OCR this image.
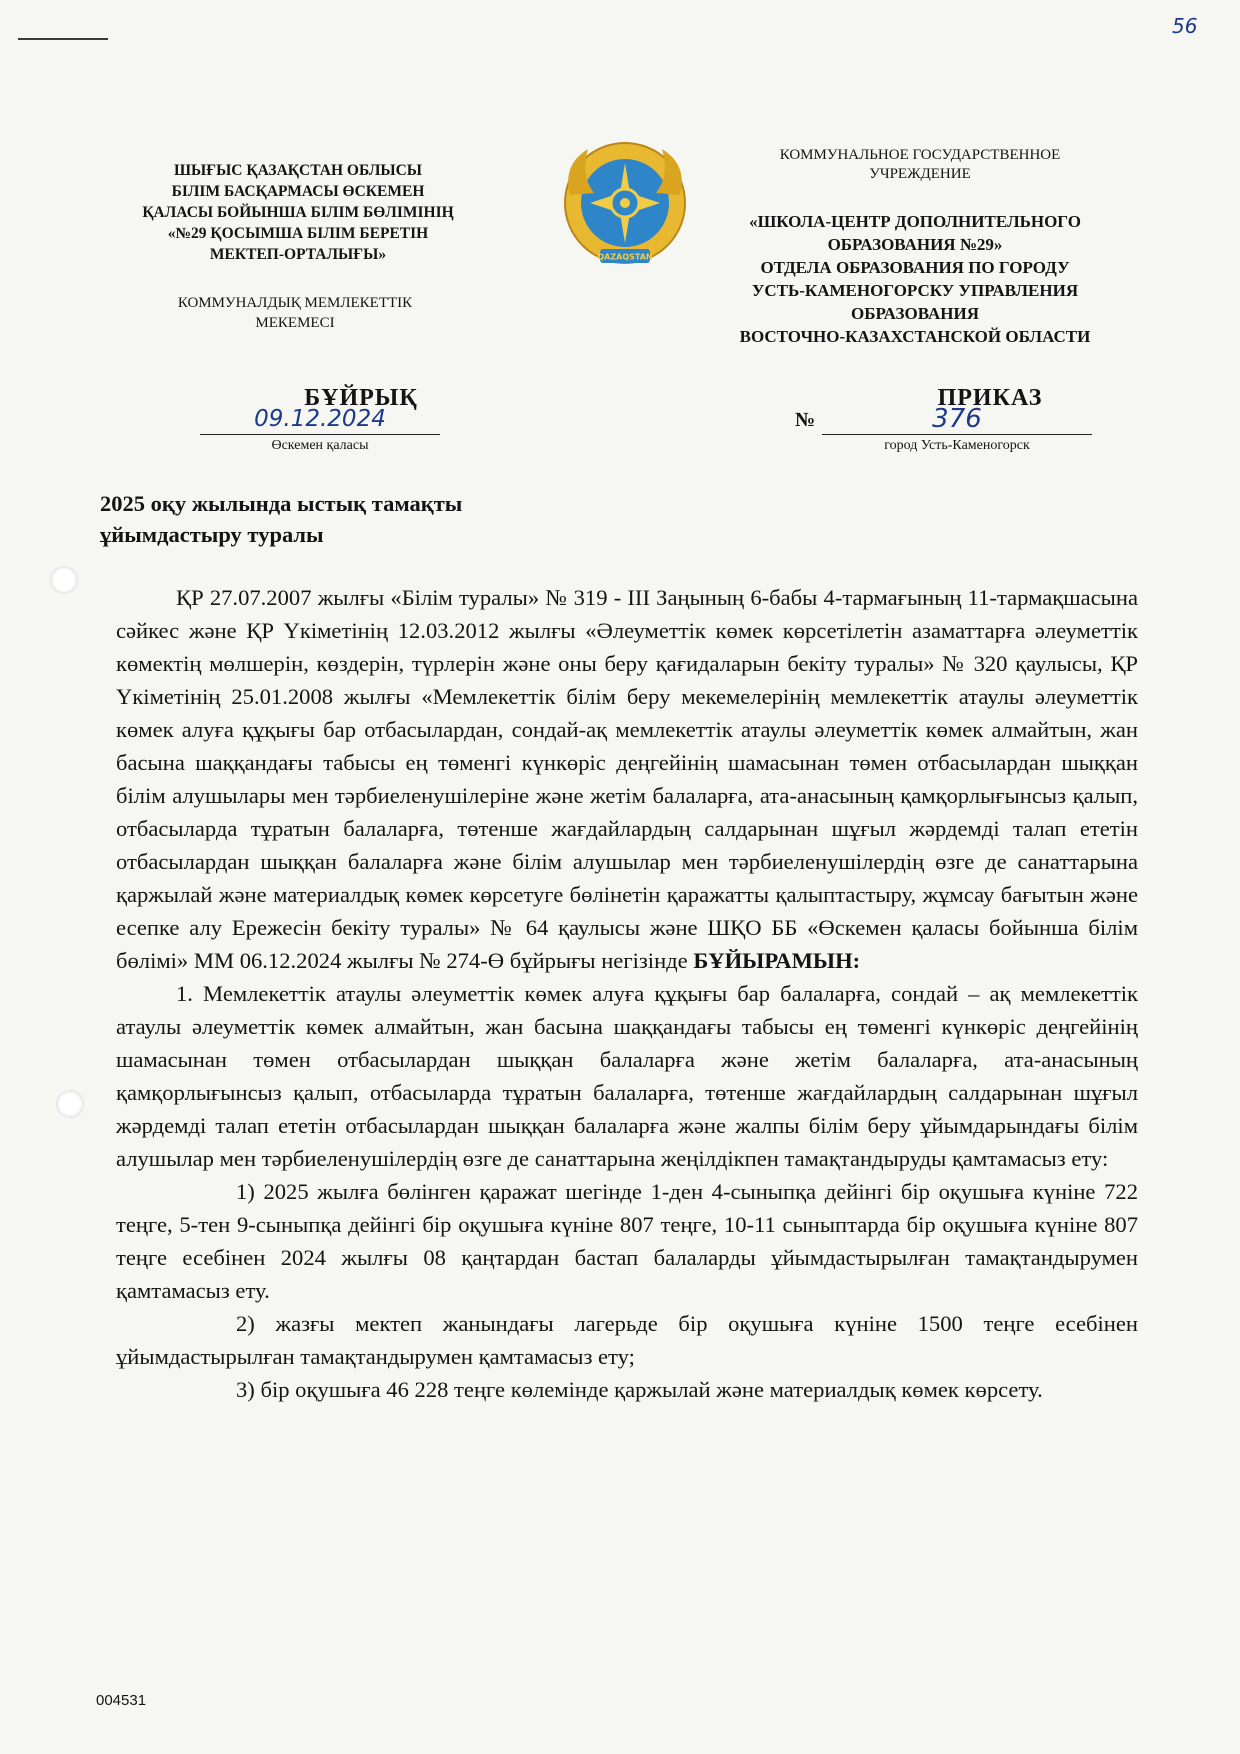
56
ШЫҒЫС ҚАЗАҚСТАН ОБЛЫСЫ
БІЛІМ БАСҚАРМАСЫ ӨСКЕМЕН
ҚАЛАСЫ БОЙЫНША БІЛІМ БӨЛІМІНІҢ
«№29 ҚОСЫМША БІЛІМ БЕРЕТІН
МЕКТЕП-ОРТАЛЫҒЫ»
КОММУНАЛДЫҚ МЕМЛЕКЕТТІК
МЕКЕМЕСІ
QAZAQSTAN
КОММУНАЛЬНОЕ ГОСУДАРСТВЕННОЕ
УЧРЕЖДЕНИЕ
«ШКОЛА-ЦЕНТР ДОПОЛНИТЕЛЬНОГО
ОБРАЗОВАНИЯ №29»
ОТДЕЛА ОБРАЗОВАНИЯ ПО ГОРОДУ
УСТЬ-КАМЕНОГОРСКУ УПРАВЛЕНИЯ
ОБРАЗОВАНИЯ
ВОСТОЧНО-КАЗАХСТАНСКОЙ ОБЛАСТИ
БҰЙРЫҚ	ПРИКАЗ
09.12.2024
Өскемен қаласы
№	376
город Усть-Каменогорск
2025 оқу жылында ыстық тамақты
ұйымдастыру туралы

ҚР 27.07.2007 жылғы «Білім туралы» № 319 - ІІІ Заңының 6-бабы 4-тармағының 11-тармақшасына сәйкес және ҚР Үкіметінің 12.03.2012 жылғы «Әлеуметтік көмек көрсетілетін азаматтарға әлеуметтік көмектің мөлшерін, көздерін, түрлерін және оны беру қағидаларын бекіту туралы» № 320 қаулысы, ҚР Үкіметінің 25.01.2008 жылғы «Мемлекеттік білім беру мекемелерінің мемлекеттік атаулы әлеуметтік көмек алуға құқығы бар отбасылардан, сондай-ақ мемлекеттік атаулы әлеуметтік көмек алмайтын, жан басына шаққандағы табысы ең төменгі күнкөріс деңгейінің шамасынан төмен отбасылардан шыққан білім алушылары мен тәрбиеленушілеріне және жетім балаларға, ата-анасының қамқорлығынсыз қалып, отбасыларда тұратын балаларға, төтенше жағдайлардың салдарынан шұғыл жәрдемді талап ететін отбасылардан шыққан балаларға және білім алушылар мен тәрбиеленушілердің өзге де санаттарына қаржылай және материалдық көмек көрсетуге бөлінетін қаражатты қалыптастыру, жұмсау бағытын және есепке алу Ережесін бекіту туралы» № 64 қаулысы және ШҚО ББ «Өскемен қаласы бойынша білім бөлімі» ММ 06.12.2024 жылғы № 274-Ө бұйрығы негізінде БҰЙЫРАМЫН:

1. Мемлекеттік атаулы әлеуметтік көмек алуға құқығы бар балаларға, сондай – ақ мемлекеттік атаулы әлеуметтік көмек алмайтын, жан басына шаққандағы табысы ең төменгі күнкөріс деңгейінің шамасынан төмен отбасылардан шыққан балаларға және жетім балаларға, ата-анасының қамқорлығынсыз қалып, отбасыларда тұратын балаларға, төтенше жағдайлардың салдарынан шұғыл жәрдемді талап ететін отбасылардан шыққан балаларға және жалпы білім беру ұйымдарындағы білім алушылар мен тәрбиеленушілердің өзге де санаттарына жеңілдікпен тамақтандыруды қамтамасыз ету:

1) 2025 жылға бөлінген қаражат шегінде 1-ден 4-сыныпқа дейінгі бір оқушыға күніне 722 теңге, 5-тен 9-сыныпқа дейінгі бір оқушыға күніне 807 теңге, 10-11 сыныптарда бір оқушыға күніне 807 теңге есебінен 2024 жылғы 08 қаңтардан бастап балаларды ұйымдастырылған тамақтандырумен қамтамасыз ету.

2) жазғы мектеп жанындағы лагерьде бір оқушыға күніне 1500 теңге есебінен ұйымдастырылған тамақтандырумен қамтамасыз ету;

3) бір оқушыға 46 228 теңге көлемінде қаржылай және материалдық көмек көрсету.

004531
